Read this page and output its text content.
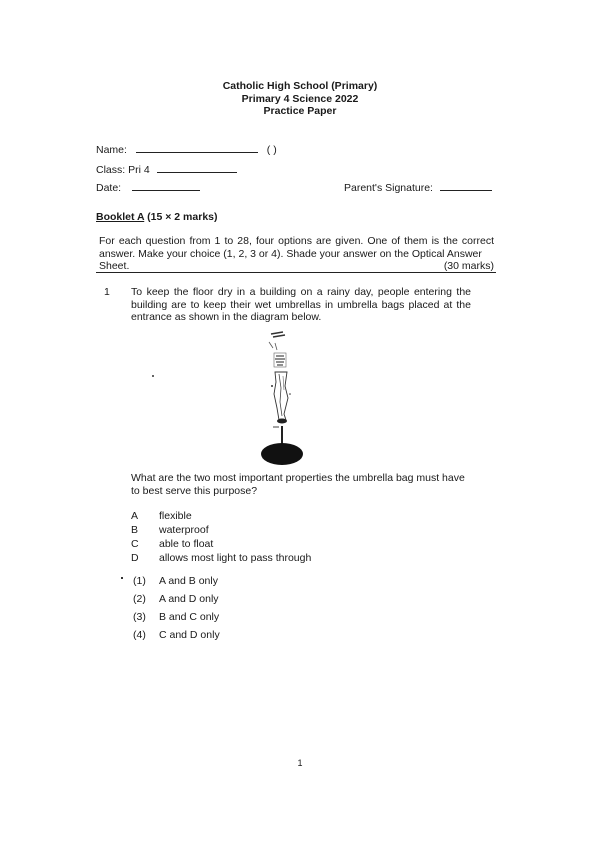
Catholic High School (Primary)
Primary 4 Science 2022
Practice Paper
Name:	( )
Class: Pri 4
Date:	Parent's Signature:
Booklet A (15 × 2 marks)
For each question from 1 to 28, four options are given. One of them is the correct answer. Make your choice (1, 2, 3 or 4). Shade your answer on the Optical Answer
Sheet.	(30 marks)
1 To keep the floor dry in a building on a rainy day, people entering the building are to keep their wet umbrellas in umbrella bags placed at the entrance as shown in the diagram below.
What are the two most important properties the umbrella bag must have to best serve this purpose?
A flexible
B waterproof
C able to float
D allows most light to pass through
(1) A and B only
(2) A and D only
(3) B and C only
(4) C and D only
1
